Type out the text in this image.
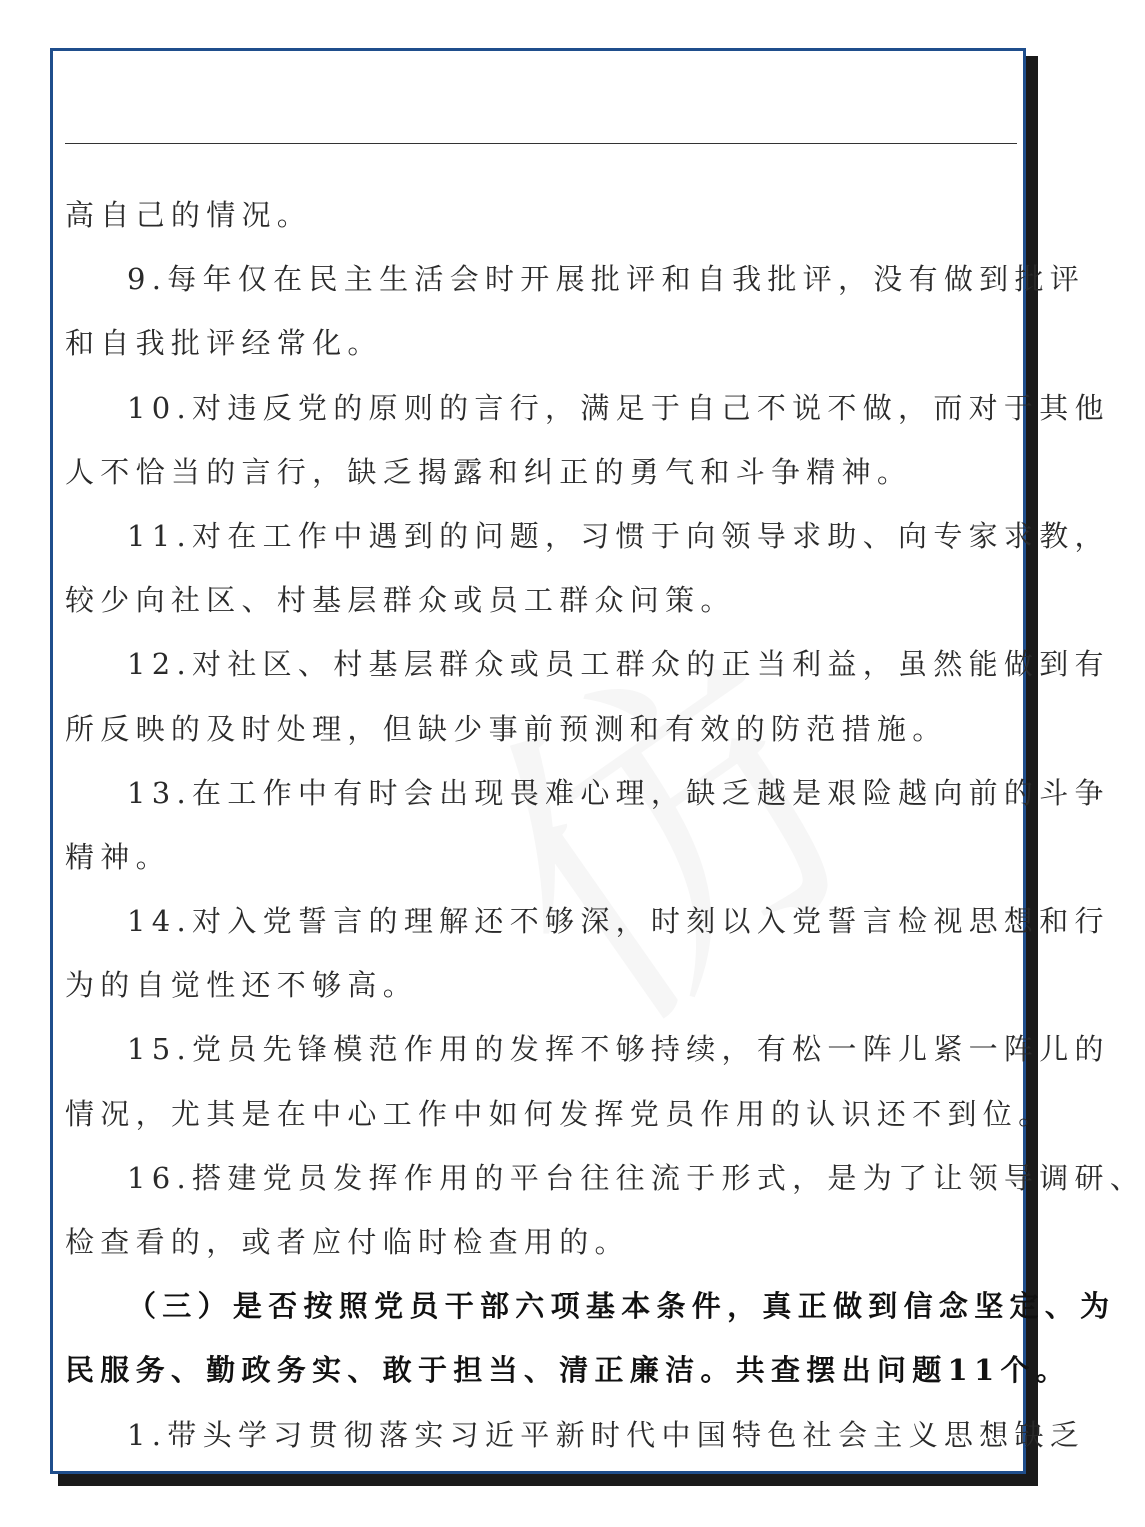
高自己的情况。
9.每年仅在民主生活会时开展批评和自我批评，没有做到批评
和自我批评经常化。
10.对违反党的原则的言行，满足于自己不说不做，而对于其他
人不恰当的言行，缺乏揭露和纠正的勇气和斗争精神。
11.对在工作中遇到的问题，习惯于向领导求助、向专家求教，
较少向社区、村基层群众或员工群众问策。
12.对社区、村基层群众或员工群众的正当利益，虽然能做到有
所反映的及时处理，但缺少事前预测和有效的防范措施。
13.在工作中有时会出现畏难心理，缺乏越是艰险越向前的斗争
精神。
14.对入党誓言的理解还不够深，时刻以入党誓言检视思想和行
为的自觉性还不够高。
15.党员先锋模范作用的发挥不够持续，有松一阵儿紧一阵儿的
情况，尤其是在中心工作中如何发挥党员作用的认识还不到位。
16.搭建党员发挥作用的平台往往流于形式，是为了让领导调研、
检查看的，或者应付临时检查用的。
（三）是否按照党员干部六项基本条件，真正做到信念坚定、为
民服务、勤政务实、敢于担当、清正廉洁。共查摆出问题11个。
1.带头学习贯彻落实习近平新时代中国特色社会主义思想缺乏
